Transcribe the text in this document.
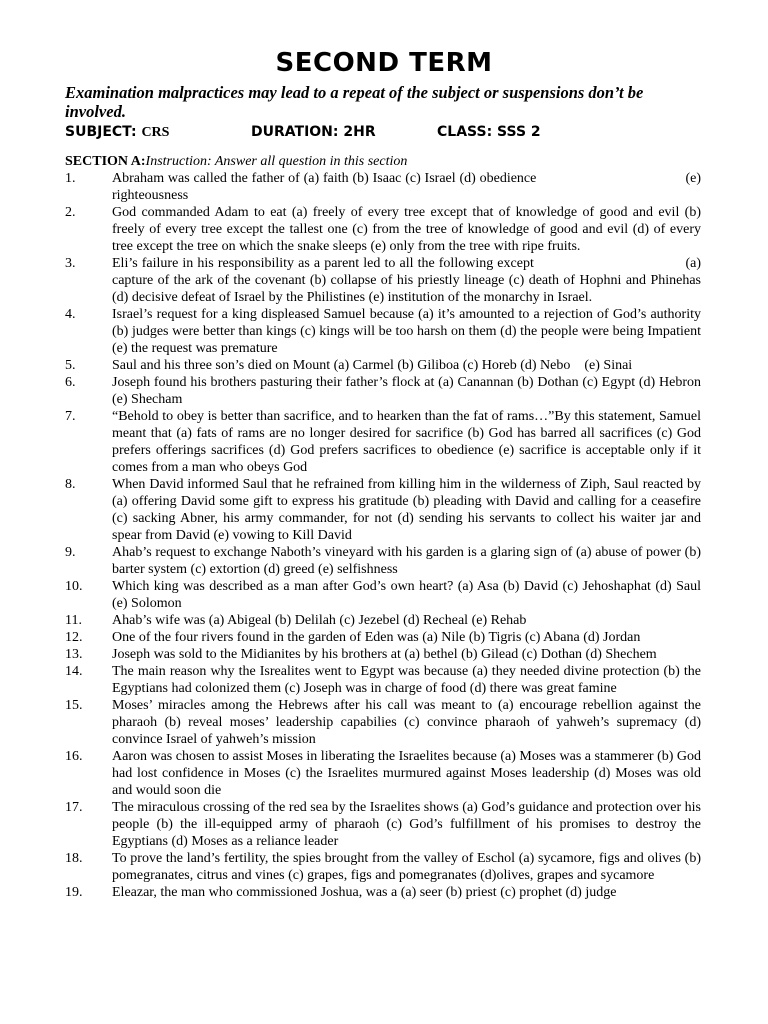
SECOND TERM
Examination malpractices may lead to a repeat of the subject or suspensions don’t be involved.
SUBJECT: CRS	DURATION: 2HR	CLASS: SSS 2
SECTION A:Instruction: Answer all question in this section
1.	Abraham was called the father of (a) faith (b) Isaac (c) Israel (d) obedience                                       (e) righteousness
2.	God commanded Adam to eat (a) freely of every tree except that of knowledge of good and evil (b) freely of every tree except the tallest one (c) from the tree of knowledge of good and evil (d) of every tree except the tree on which the snake sleeps (e) only from the tree with ripe fruits.
3.	Eli’s failure in his responsibility as a parent led to all the following except                                     (a) capture of the ark of the covenant (b) collapse of his priestly lineage (c) death of Hophni and Phinehas (d) decisive defeat of Israel by the Philistines (e) institution of the monarchy in Israel.
4.	Israel’s request for a king displeased Samuel because (a) it’s amounted to a rejection of God’s authority (b) judges were better than kings (c) kings will be too harsh on them (d) the people were being Impatient (e) the request was premature
5.	Saul and his three son’s died on Mount (a) Carmel (b) Giliboa (c) Horeb (d) Nebo    (e) Sinai
6.	Joseph found his brothers pasturing their father’s flock at (a) Canannan (b) Dothan (c) Egypt (d) Hebron (e) Shecham
7.	“Behold to obey is better than sacrifice, and to hearken than the fat of rams…”By this statement, Samuel meant that (a) fats of rams are no longer desired for sacrifice (b) God has barred all sacrifices (c) God prefers offerings sacrifices (d) God prefers sacrifices to obedience (e) sacrifice is acceptable only if it comes from a man who obeys God
8.	When David informed Saul that he refrained from killing him in the wilderness of Ziph, Saul reacted by (a) offering David some gift to express his gratitude (b) pleading with David and calling for a ceasefire (c) sacking Abner, his army commander, for not (d) sending his servants to collect his waiter jar and spear from David (e) vowing to Kill David
9.	Ahab’s request to exchange Naboth’s vineyard with his garden is a glaring sign of (a) abuse of power (b) barter system (c) extortion (d) greed (e) selfishness
10. Which king was described as a man after God’s own heart? (a) Asa (b) David (c) Jehoshaphat (d) Saul (e) Solomon
11. Ahab’s wife was (a) Abigeal (b) Delilah (c) Jezebel (d) Recheal (e) Rehab
12. One of the four rivers found in the garden of Eden was (a) Nile (b) Tigris (c) Abana (d) Jordan
13. Joseph was sold to the Midianites by his brothers at (a) bethel (b) Gilead (c) Dothan (d) Shechem
14. The main reason why the Isrealites went to Egypt was because (a) they needed divine protection (b) the Egyptians had colonized them (c) Joseph was in charge of food (d) there was great famine
15. Moses’ miracles among the Hebrews after his call was meant to (a) encourage rebellion against the pharaoh (b) reveal moses’ leadership capabilies (c) convince pharaoh of yahweh’s supremacy (d) convince Israel of yahweh’s mission
16. Aaron was chosen to assist Moses in liberating the Israelites because (a) Moses was a stammerer (b) God had lost confidence in Moses (c) the Israelites murmured against Moses leadership (d) Moses was old and would soon die
17. The miraculous crossing of the red sea by the Israelites shows (a) God’s guidance and protection over his people (b) the ill-equipped army of pharaoh (c) God’s fulfillment of his promises to destroy the Egyptians (d) Moses as a reliance leader
18. To prove the land’s fertility, the spies brought from the valley of Eschol (a) sycamore, figs and olives (b) pomegranates, citrus and vines (c) grapes, figs and pomegranates (d)olives, grapes and sycamore
19. Eleazar, the man who commissioned Joshua, was a (a) seer (b) priest (c) prophet (d) judge
